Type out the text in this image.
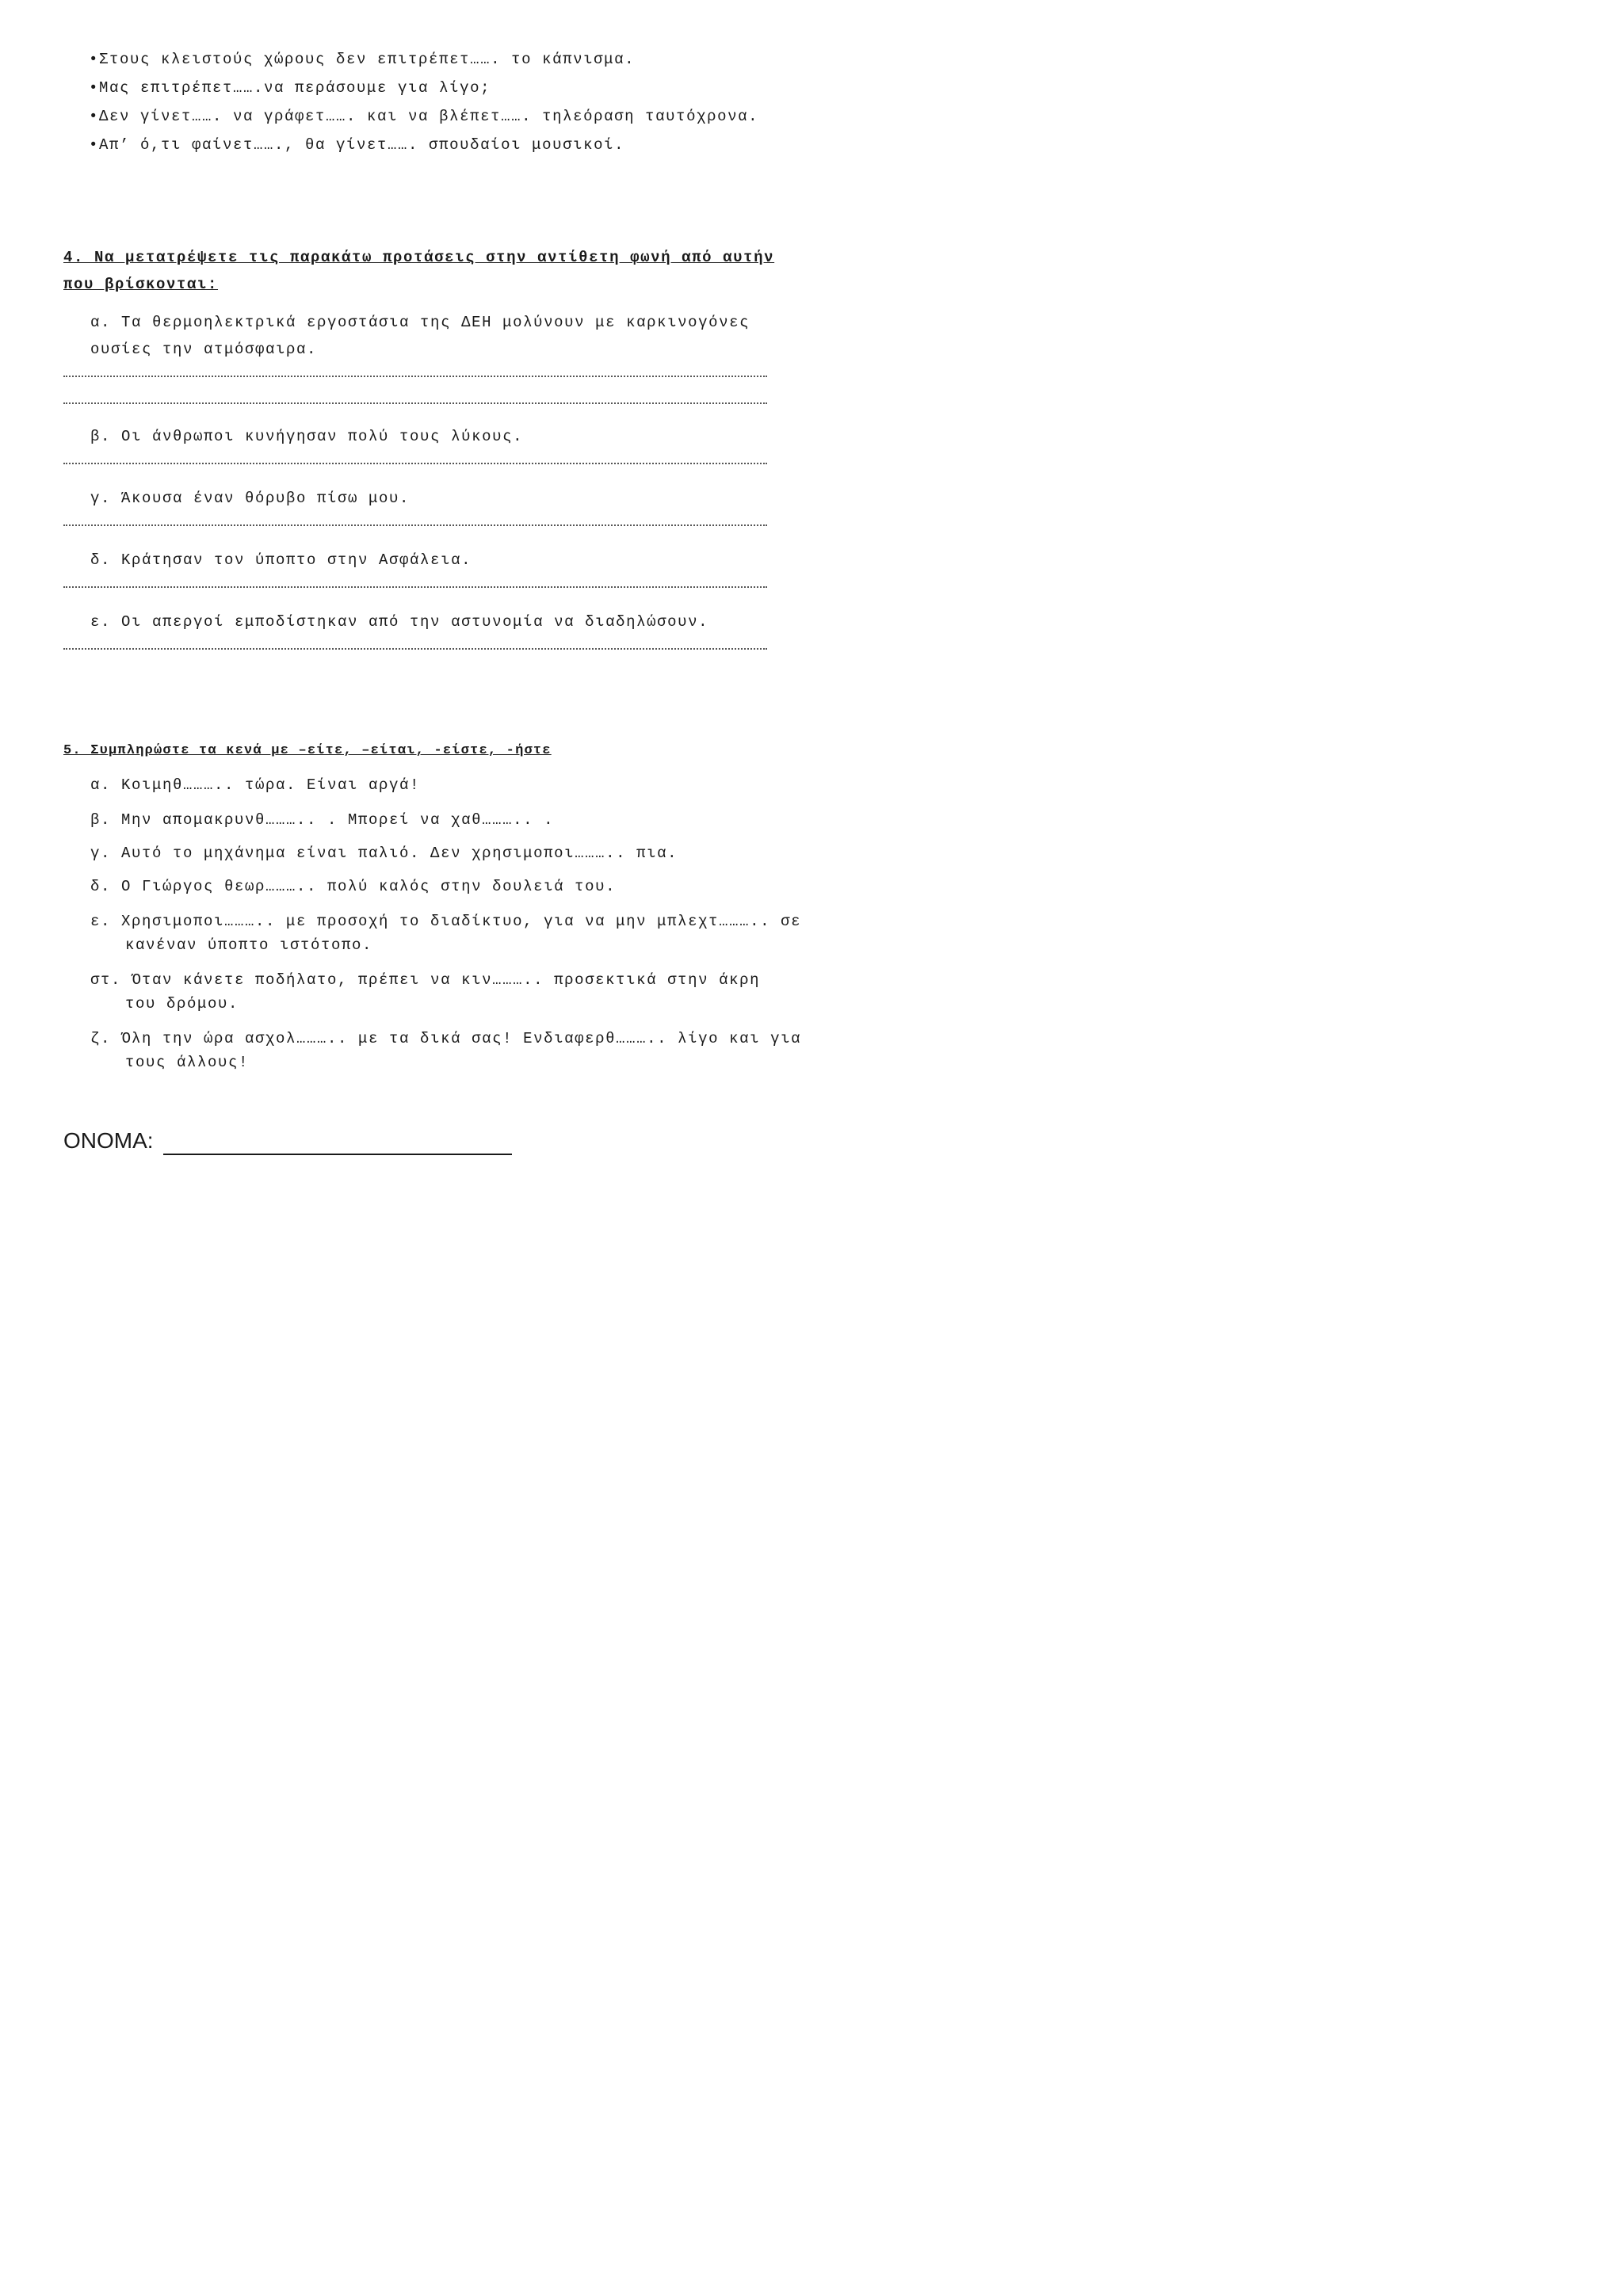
•Στους κλειστούς χώρους δεν επιτρέπετ……. το κάπνισμα.
•Μας επιτρέπετ…….να περάσουμε για λίγο;
•Δεν γίνετ……. να γράφετ……. και να βλέπετ……. τηλεόραση ταυτόχρονα.
•Απ’ ό,τι φαίνετ……., θα γίνετ……. σπουδαίοι μουσικοί.
4. Να μετατρέψετε τις παρακάτω προτάσεις στην αντίθετη φωνή από αυτήν
που βρίσκονται:
α. Τα θερμοηλεκτρικά εργοστάσια της ΔΕΗ μολύνουν με καρκινογόνες
ουσίες την ατμόσφαιρα.
β. Οι άνθρωποι κυνήγησαν πολύ τους λύκους.
γ. Άκουσα έναν θόρυβο πίσω μου.
δ. Κράτησαν τον ύποπτο στην Ασφάλεια.
ε. Οι απεργοί εμποδίστηκαν από την αστυνομία να διαδηλώσουν.
5. Συμπληρώστε τα κενά με –είτε, –είται, -είστε, -ήστε
α. Κοιμηθ……….. τώρα. Είναι αργά!
β. Μην απομακρυνθ……….. . Μπορεί να χαθ……….. .
γ. Αυτό το μηχάνημα είναι παλιό. Δεν χρησιμοποι……….. πια.
δ. Ο Γιώργος θεωρ……….. πολύ καλός στην δουλειά του.
ε. Χρησιμοποι……….. με προσοχή το διαδίκτυο, για να μην μπλεχτ……….. σε
κανέναν ύποπτο ιστότοπο.
στ. Όταν κάνετε ποδήλατο, πρέπει να κιν……….. προσεκτικά στην άκρη
του δρόμου.
ζ. Όλη την ώρα ασχολ……….. με τα δικά σας! Ενδιαφερθ……….. λίγο και για
τους άλλους!
ΟΝΟΜΑ:
